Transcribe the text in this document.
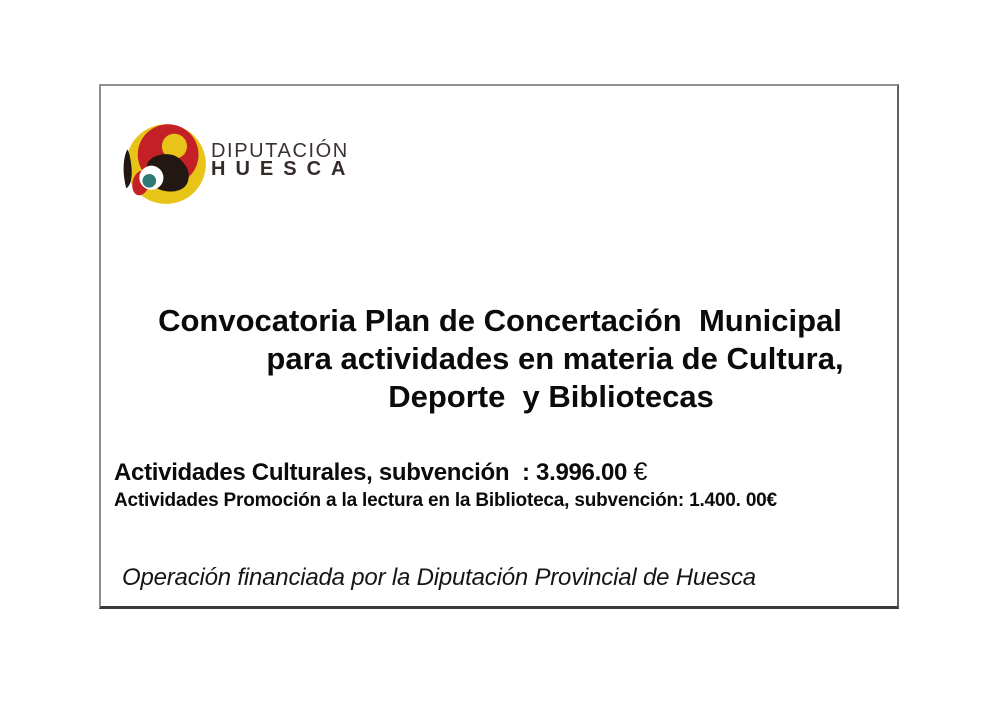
DIPUTACIÓN
HUESCA
Convocatoria Plan de Concertación  Municipal
para actividades en materia de Cultura,
Deporte  y Bibliotecas
Actividades Culturales, subvención  : 3.996.00 €
Actividades Promoción a la lectura en la Biblioteca, subvención: 1.400. 00€
Operación financiada por la Diputación Provincial de Huesca
